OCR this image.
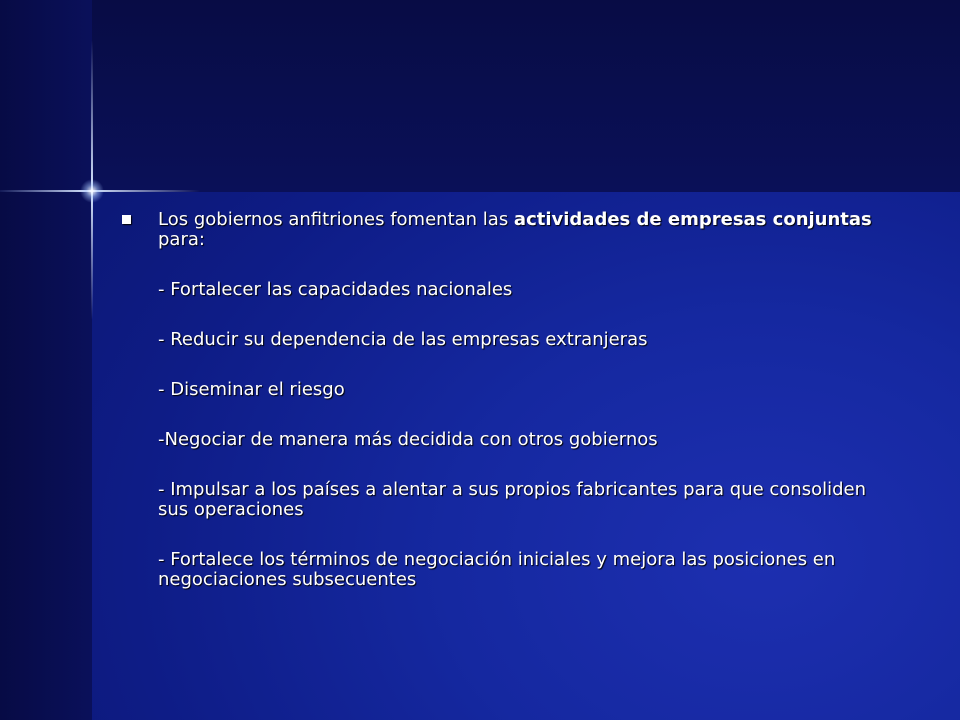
Los gobiernos anfitriones fomentan las actividades de empresas conjuntas para:
- Fortalecer las capacidades nacionales
- Reducir su dependencia de las empresas extranjeras
- Diseminar el riesgo
-Negociar de manera más decidida con otros gobiernos
- Impulsar a los países a alentar a sus propios fabricantes para que consoliden sus operaciones
- Fortalece los términos de negociación iniciales y mejora las posiciones en negociaciones subsecuentes
